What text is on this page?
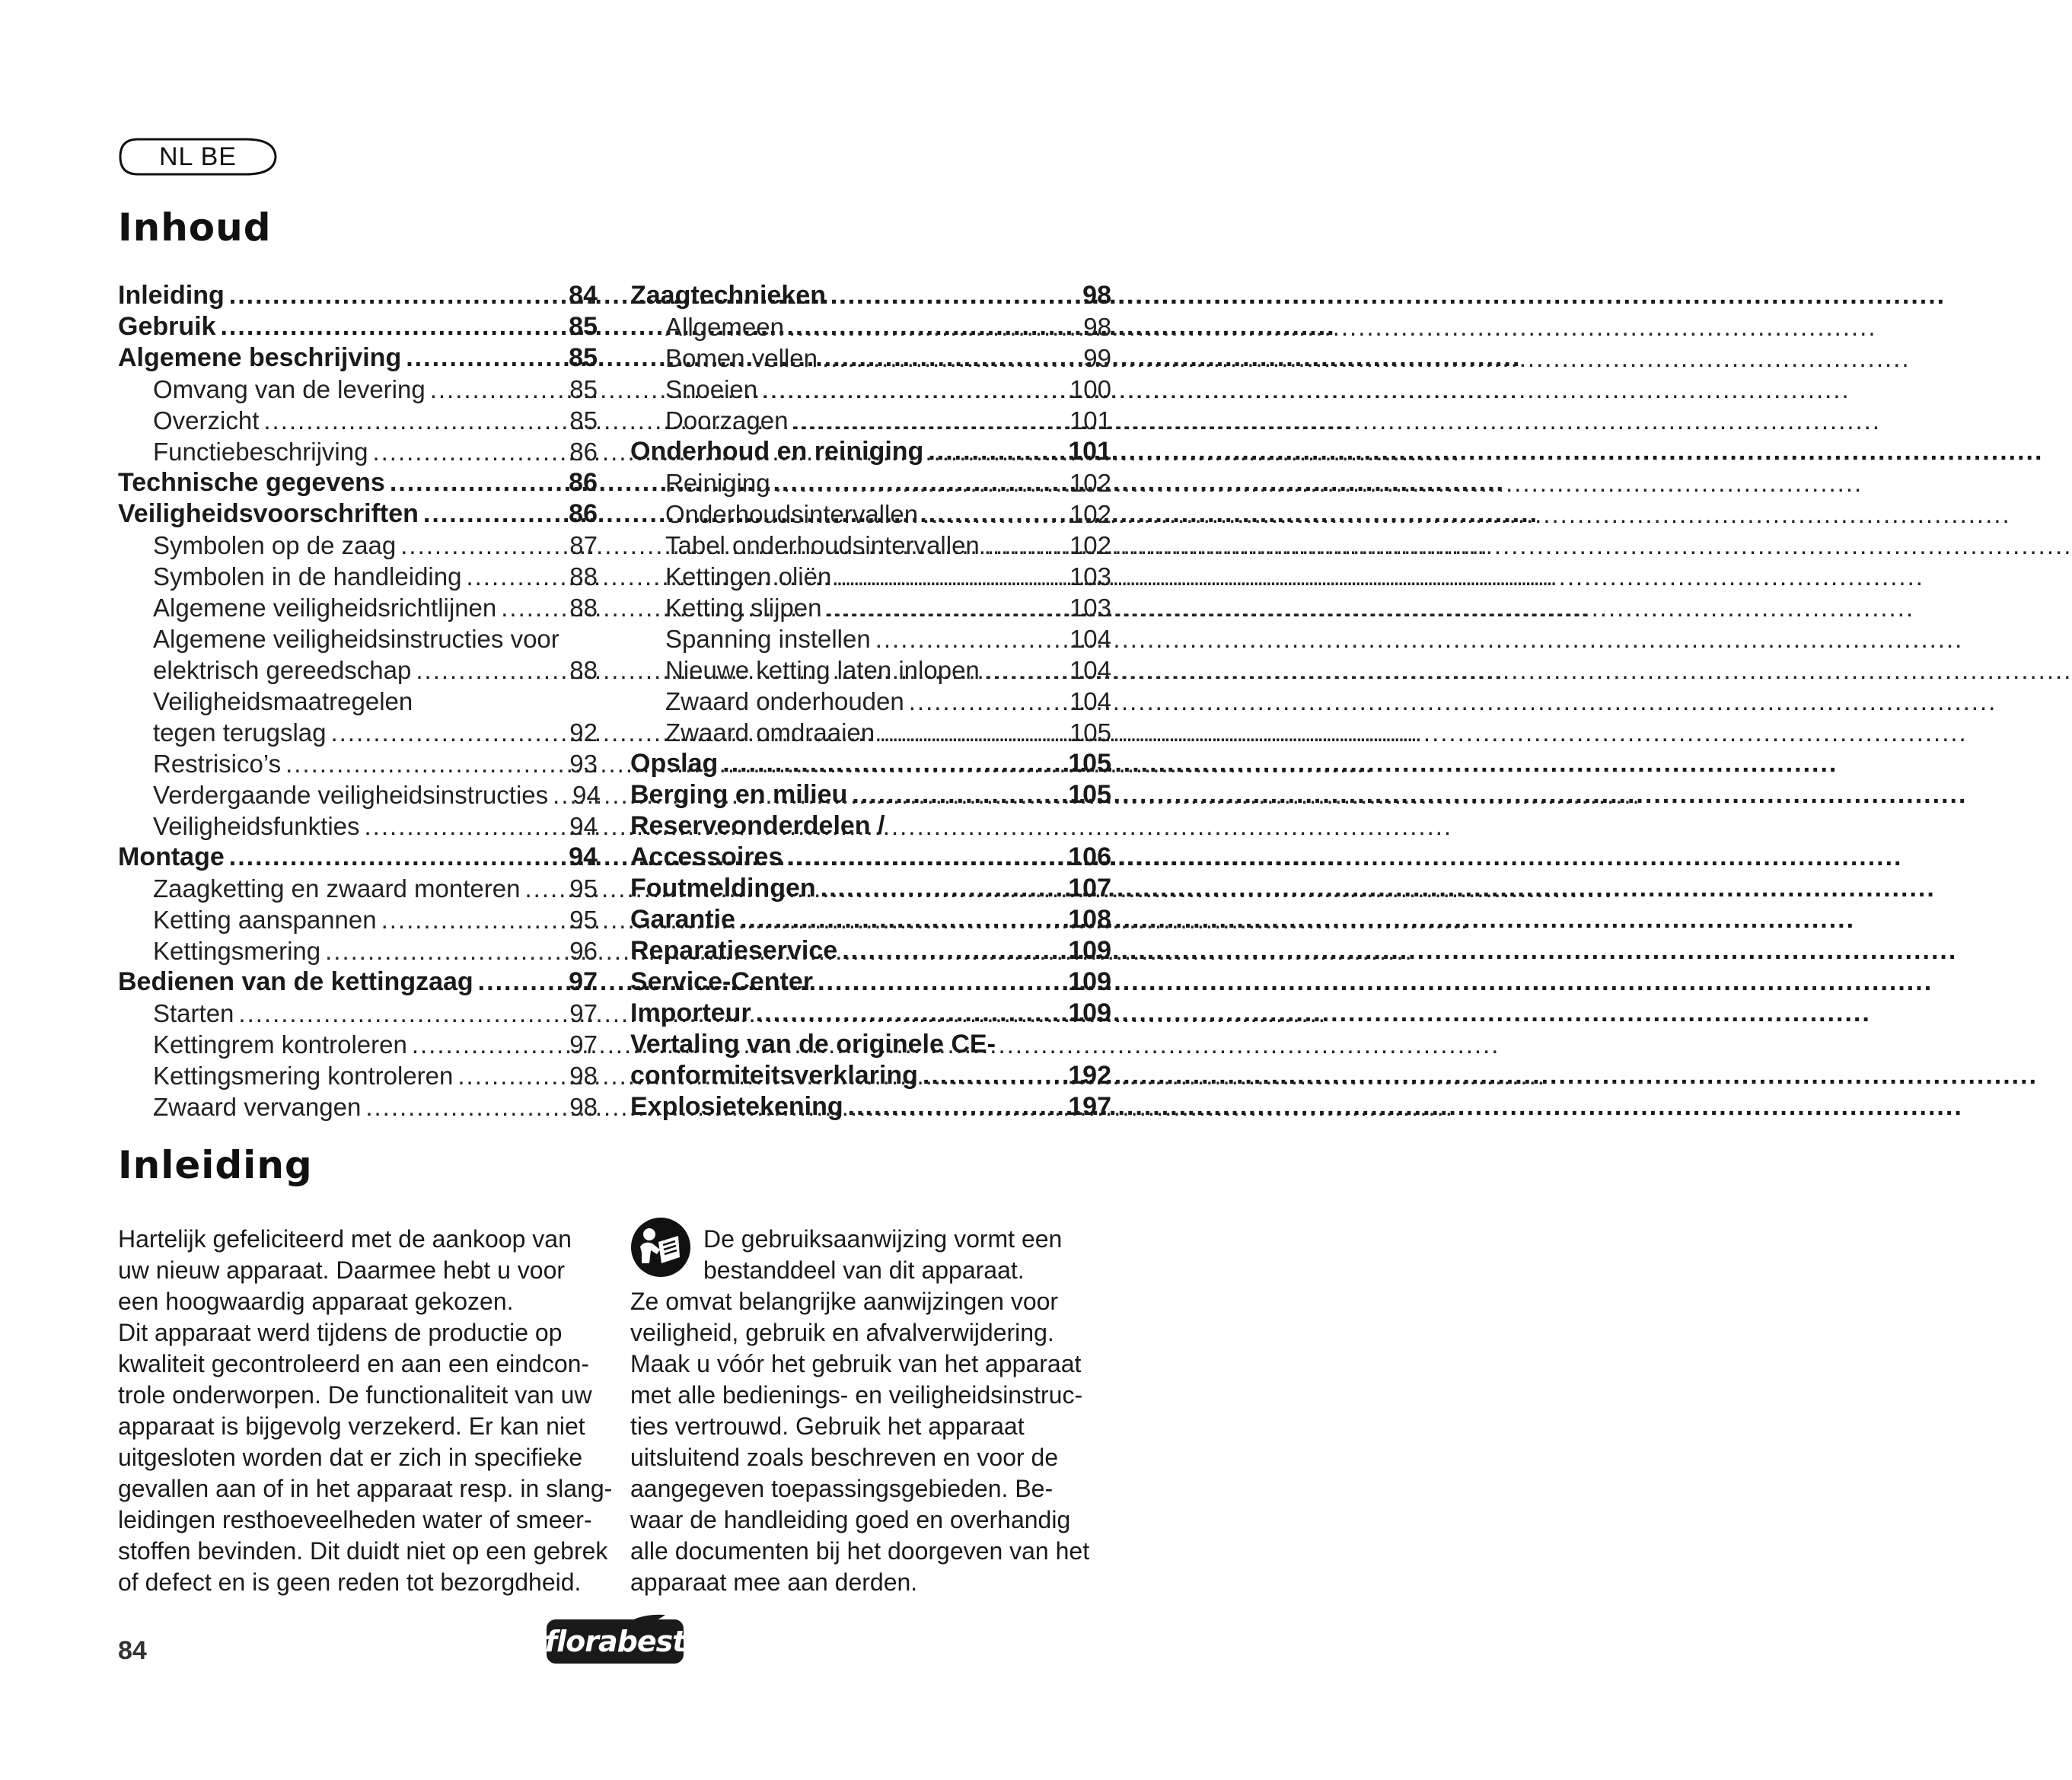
NL BE
Inhoud
Inleiding .....	84
Gebruik .....	85
Algemene beschrijving .....	85
Omvang van de levering .....	85
Overzicht .....	85
Functiebeschrijving .....	86
Technische gegevens .....	86
Veiligheidsvoorschriften .....	86
Symbolen op de zaag .....	87
Symbolen in de handleiding .....	88
Algemene veiligheidsrichtlijnen .....	88
Algemene veiligheidsinstructies voor
elektrisch gereedschap .....	88
Veiligheidsmaatregelen
tegen terugslag .....	92
Restrisico’s .....	93
Verdergaande veiligheidsinstructies ..... 94
Veiligheidsfunkties .....	94
Montage .....	94
Zaagketting en zwaard monteren ..... 95
Ketting aanspannen .....	95
Kettingsmering .....	96
Bedienen van de kettingzaag .....	97
Starten .....	97
Kettingrem kontroleren .....	97
Kettingsmering kontroleren .....	98
Zwaard vervangen .....	98
Zaagtechnieken .....	98
Allgemeen .....	98
Bomen vellen .....	99
Snoeien .....	100
Doorzagen .....	101
Onderhoud en reiniging .....	101
Reiniging .....	102
Onderhoudsintervallen .....	102
Tabel onderhoudsintervallen .....	102
Kettingen oliën .....	103
Ketting slijpen .....	103
Spanning instellen .....	104
Nieuwe ketting laten inlopen .....	104
Zwaard onderhouden .....	104
Zwaard omdraaien .....	105
Opslag .....	105
Berging en milieu .....	105
Reserveonderdelen /
Accessoires .....	106
Foutmeldingen .....	107
Garantie .....	108
Reparatieservice .....	109
Service-Center .....	109
Importeur .....	109
Vertaling van de originele CE-
conformiteitsverklaring .....	192
Explosietekening .....	197
Inleiding
Hartelijk gefeliciteerd met de aankoop van
uw nieuw apparaat. Daarmee hebt u voor
een hoogwaardig apparaat gekozen.
Dit apparaat werd tijdens de productie op
kwaliteit gecontroleerd en aan een eindcon-
trole onderworpen. De functionaliteit van uw
apparaat is bijgevolg verzekerd. Er kan niet
uitgesloten worden dat er zich in specifieke
gevallen aan of in het apparaat resp. in slang-
leidingen resthoeveelheden water of smeer-
stoffen bevinden. Dit duidt niet op een gebrek
of defect en is geen reden tot bezorgdheid.
De gebruiksaanwijzing vormt een
bestanddeel van dit apparaat.
Ze omvat belangrijke aanwijzingen voor
veiligheid, gebruik en afvalverwijdering.
Maak u vóór het gebruik van het apparaat
met alle bedienings- en veiligheidsinstruc-
ties vertrouwd. Gebruik het apparaat
uitsluitend zoals beschreven en voor de
aangegeven toepassingsgebieden. Be-
waar de handleiding goed en overhandig
alle documenten bij het doorgeven van het
apparaat mee aan derden.
84	florabest
